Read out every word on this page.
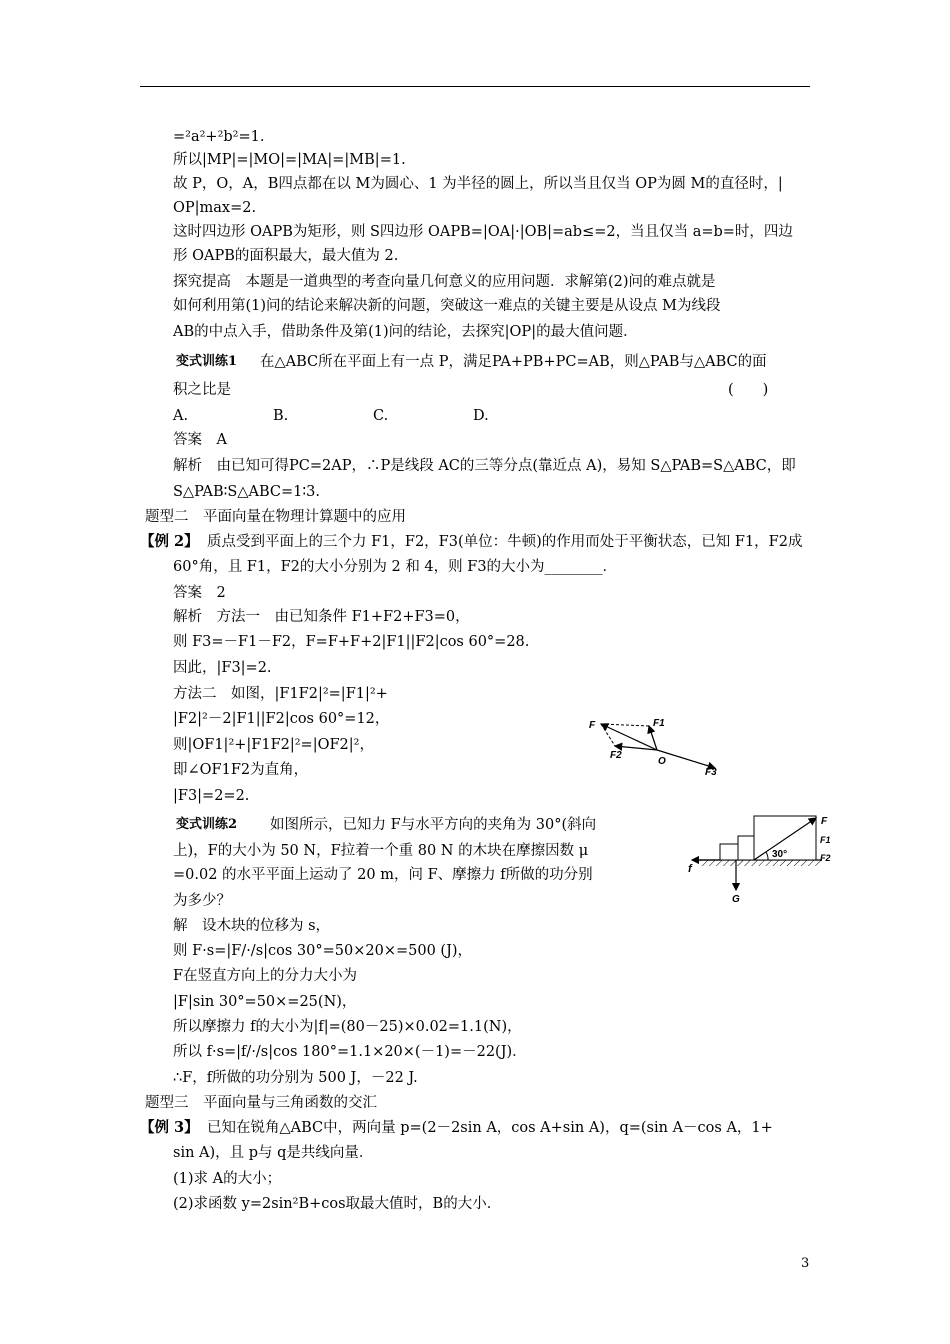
=²a²+²b²=1.
所以|MP|=|MO|=|MA|=|MB|=1.
故 P，O，A，B四点都在以 M为圆心、1 为半径的圆上，所以当且仅当 OP为圆 M的直径时，|
OP|max=2.
这时四边形 OAPB为矩形，则 S四边形 OAPB=|OA|·|OB|=ab≤=2，当且仅当 a=b=时，四边
形 OAPB的面积最大，最大值为 2.
探究提高　本题是一道典型的考查向量几何意义的应用问题．求解第(2)问的难点就是
如何利用第(1)问的结论来解决新的问题，突破这一难点的关键主要是从设点 M为线段
AB的中点入手，借助条件及第(1)问的结论，去探究|OP|的最大值问题．
变式训练1 在△ABC所在平面上有一点 P，满足PA+PB+PC=AB，则△PAB与△ABC的面
积之比是	(　　)
A.	B.	C.	D.
答案　A
解析　由已知可得PC=2AP，∴P是线段 AC的三等分点(靠近点 A)，易知 S△PAB=S△ABC，即
S△PAB∶S△ABC=1∶3.
题型二　平面向量在物理计算题中的应用
【例 2】 质点受到平面上的三个力 F1，F2，F3(单位：牛顿)的作用而处于平衡状态，已知 F1，F2成
60°角，且 F1，F2的大小分别为 2 和 4，则 F3的大小为________．
答案　2
解析　方法一　由已知条件 F1+F2+F3=0，
则 F3=－F1－F2，F=F+F+2|F1||F2|cos 60°=28.
因此，|F3|=2.
方法二　如图，|F1F2|²=|F1|²+
|F2|²－2|F1||F2|cos 60°=12，
则|OF1|²+|F1F2|²=|OF2|²，
即∠OF1F2为直角，
|F3|=2=2.
F	F1
F2
O
F3
变式训练2 如图所示，已知力 F与水平方向的夹角为 30°(斜向
上)，F的大小为 50 N，F拉着一个重 80 N 的木块在摩擦因数 μ
=0.02 的水平平面上运动了 20 m，问 F、摩擦力 f所做的功分别
为多少？
解　设木块的位移为 s，
则 F·s=|F/·/s|cos 30°=50×20×=500 (J)，
F在竖直方向上的分力大小为
|F|sin 30°=50×=25(N)，
所以摩擦力 f的大小为|f|=(80－25)×0.02=1.1(N)，
所以 f·s=|f/·/s|cos 180°=1.1×20×(－1)=－22(J)．
∴F，f所做的功分别为 500 J，－22 J.
F
F1
F2
30°
f
G
题型三　平面向量与三角函数的交汇
【例 3】 已知在锐角△ABC中，两向量 p=(2－2sin A，cos A+sin A)，q=(sin A－cos A，1+
sin A)，且 p与 q是共线向量．
(1)求 A的大小；
(2)求函数 y=2sin²B+cos取最大值时，B的大小．
3
